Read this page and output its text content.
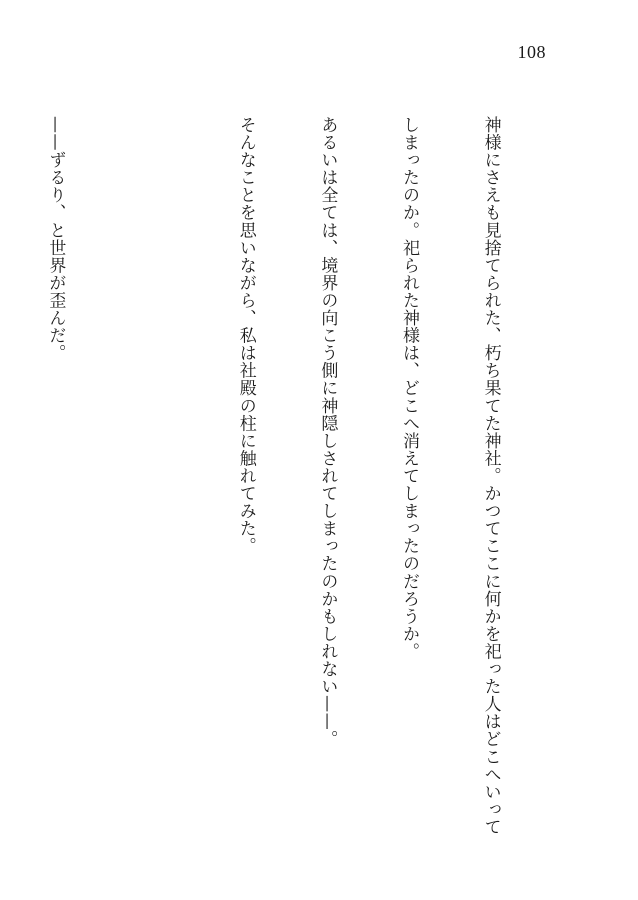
108

神様にさえも見捨てられた、朽ち果てた神社。かつてここに何かを祀った人はどこへいって

しまったのか。祀られた神様は、どこへ消えてしまったのだろうか。

あるいは全ては、境界の向こう側に神隠しされてしまったのかもしれない——。

そんなことを思いながら、私は社殿の柱に触れてみた。

——ずるり、と世界が歪んだ。
